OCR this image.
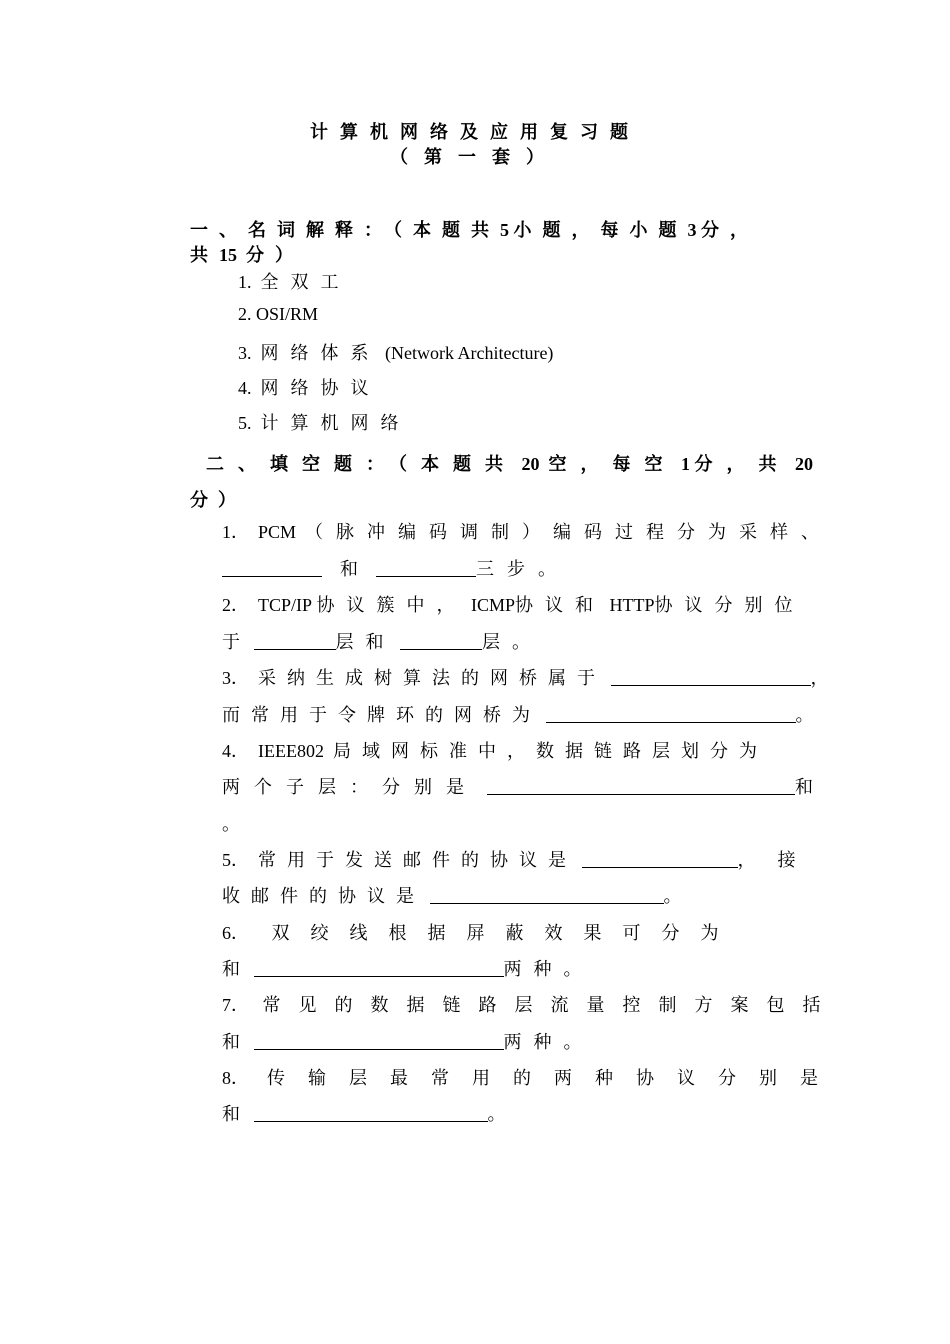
计算机网络及应用复习题
（第一套）
一、名词解释：（本题共5 小题，每小题3 分，
共15 分）
1. 全双工
2. OSI/RM
3. 网络体系 (Network Architecture)
4. 网络协议
5. 计算机网络
二、填空题：（本题共 20 空，每空 1 分，共 20
分）
1． PCM （脉冲编码调制）编码过程分为采样、
和	三步。
2． TCP/IP 协议簇中， ICMP协议和 HTTP协议分别位
于	层和	层。
3． 采纳生成树算法的网桥属于	，
而常用于令牌环的网桥为	。
4． IEEE802 局域网标准中，数据链路层划分为
两个子层：分别是	和
。
5． 常用于发送邮件的协议是	，接
收邮件的协议是	。
6． 双绞线根据屏蔽效果可分为
和	两种。
7． 常见的数据链路层流量控制方案包括
和	两种。
8． 传输层最常用的两种协议分别是
和	。
